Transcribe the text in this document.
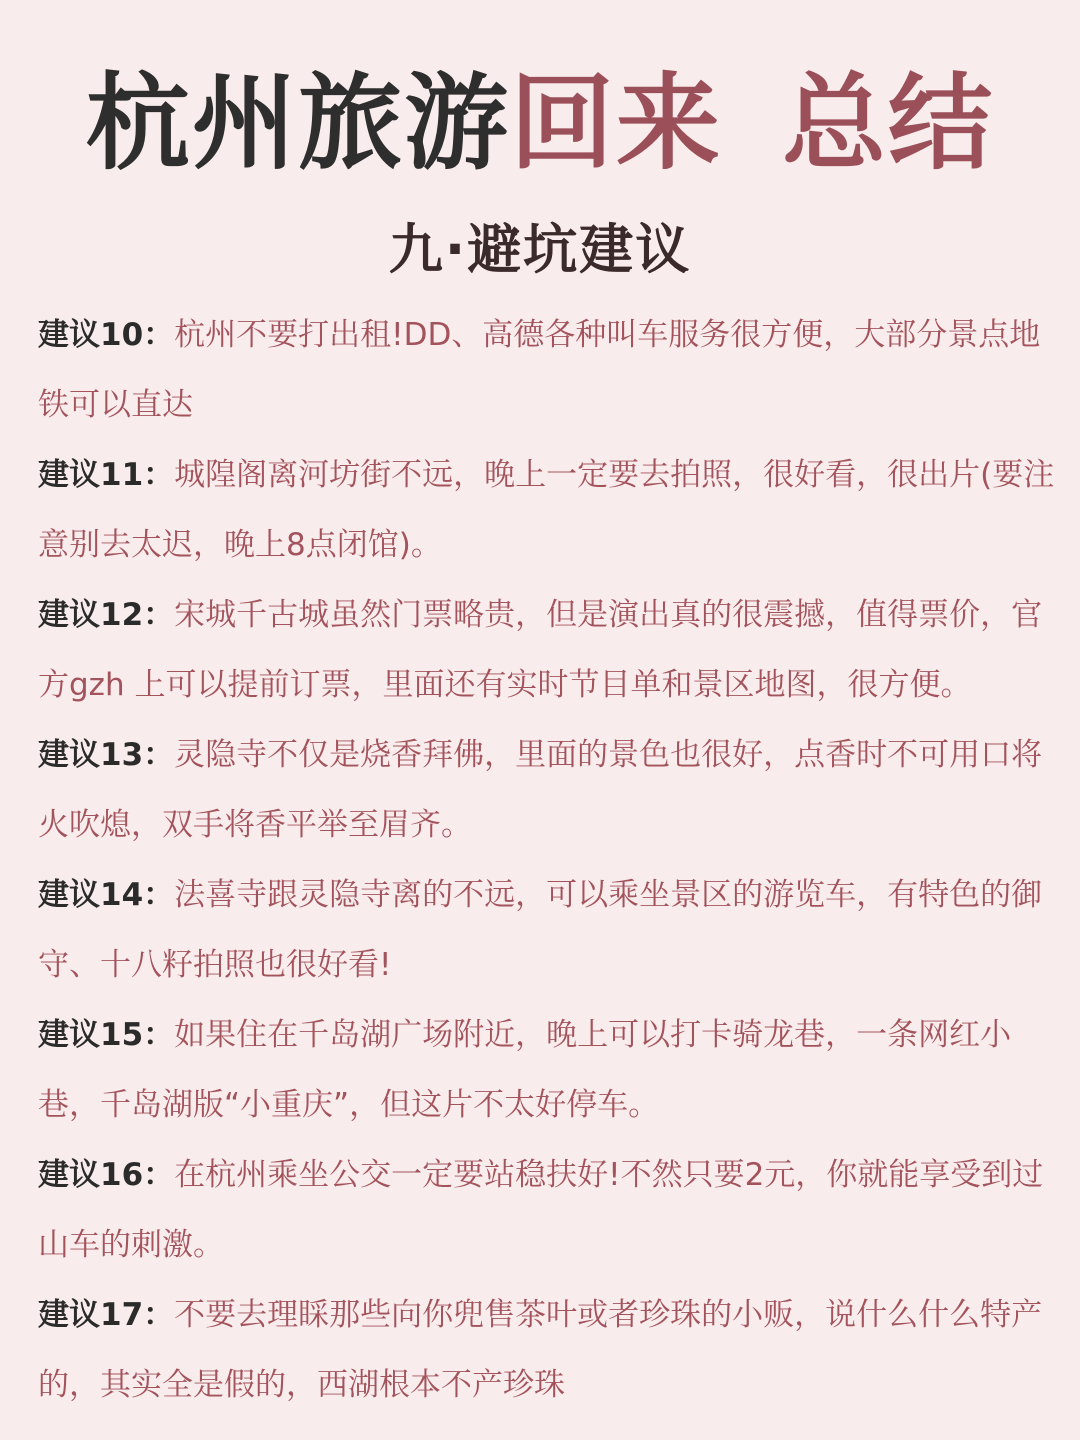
杭州旅游回来 总结
九·避坑建议

建议10：杭州不要打出租!DD、高德各种叫车服务很方便，大部分景点地铁可以直达

建议11：城隍阁离河坊街不远，晚上一定要去拍照，很好看，很出片(要注意别去太迟，晚上8点闭馆)。

建议12：宋城千古城虽然门票略贵，但是演出真的很震撼，值得票价，官方gzh 上可以提前订票，里面还有实时节目单和景区地图，很方便。

建议13：灵隐寺不仅是烧香拜佛，里面的景色也很好，点香时不可用口将火吹熄，双手将香平举至眉齐。

建议14：法喜寺跟灵隐寺离的不远，可以乘坐景区的游览车，有特色的御守、十八籽拍照也很好看!

建议15：如果住在千岛湖广场附近，晚上可以打卡骑龙巷，一条网红小巷，千岛湖版“小重庆”，但这片不太好停车。

建议16：在杭州乘坐公交一定要站稳扶好!不然只要2元，你就能享受到过山车的刺激。

建议17：不要去理睬那些向你兜售茶叶或者珍珠的小贩，说什么什么特产的，其实全是假的，西湖根本不产珍珠
